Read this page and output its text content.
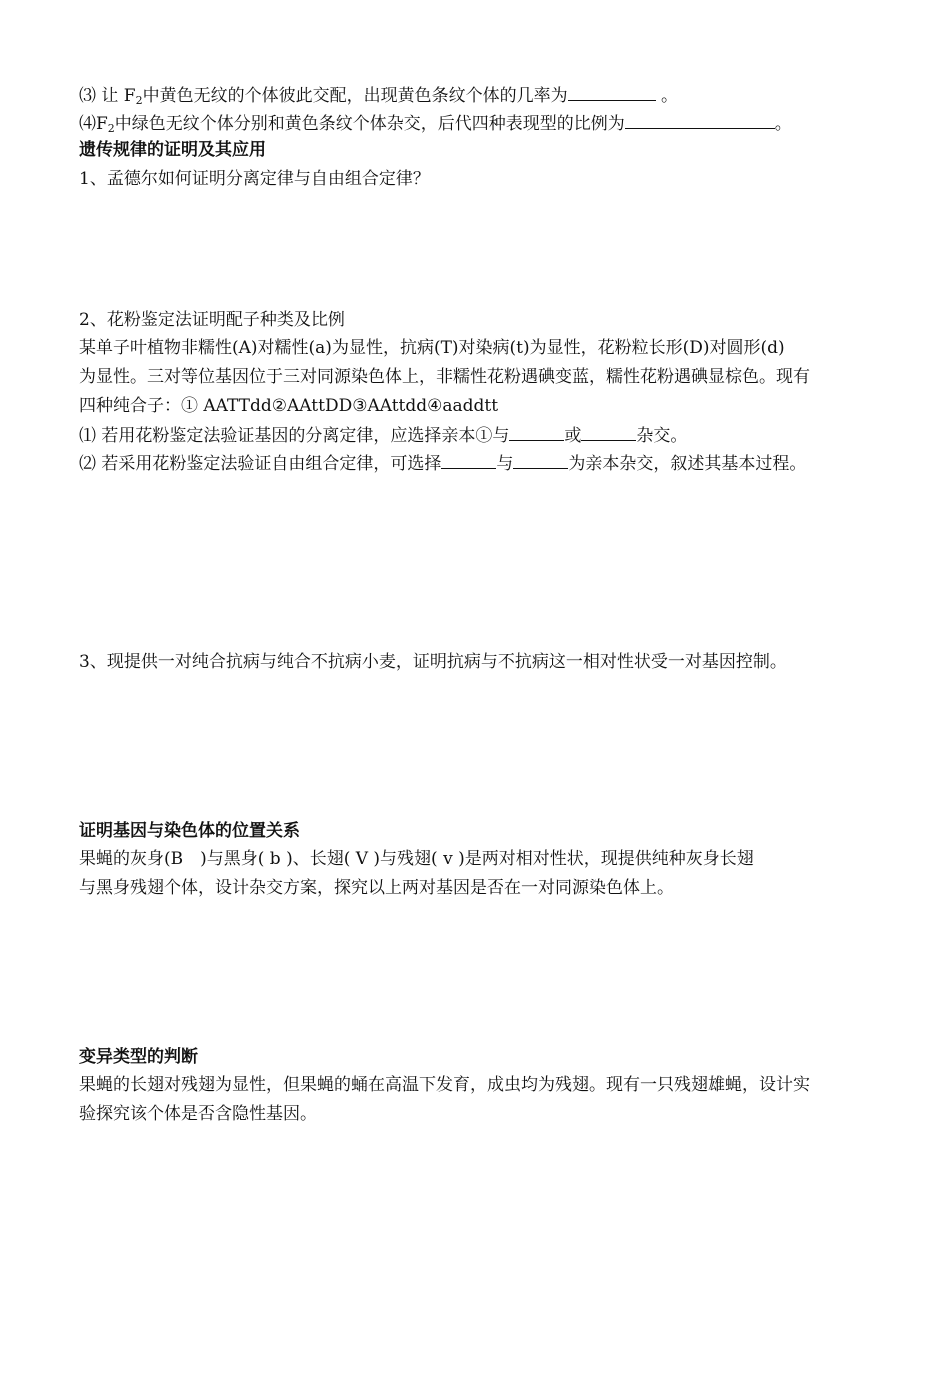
⑶ 让 $F_2$中黄色无纹的个体彼此交配，出现黄色条纹个体的几率为	。
$⑷F_2$中绿色无纹个体分别和黄色条纹个体杂交，后代四种表现型的比例为	。
遗传规律的证明及其应用
1、孟德尔如何证明分离定律与自由组合定律？
2、花粉鉴定法证明配子种类及比例
某单子叶植物非糯性(A)对糯性(a)为显性，抗病(T)对染病(t)为显性，花粉粒长形(D)对圆形(d)
为显性。三对等位基因位于三对同源染色体上，非糯性花粉遇碘变蓝，糯性花粉遇碘显棕色。现有
四种纯合子：① AATTdd②AAttDD③AAttdd④aaddtt
⑴ 若用花粉鉴定法验证基因的分离定律，应选择亲本①与	或	杂交。
⑵ 若采用花粉鉴定法验证自由组合定律，可选择	与	为亲本杂交，叙述其基本过程。
3、现提供一对纯合抗病与纯合不抗病小麦，证明抗病与不抗病这一相对性状受一对基因控制。
证明基因与染色体的位置关系
果蝇的灰身(B　)与黑身( b )、长翅( V )与残翅( v )是两对相对性状，现提供纯种灰身长翅
与黑身残翅个体，设计杂交方案，探究以上两对基因是否在一对同源染色体上。
变异类型的判断
果蝇的长翅对残翅为显性，但果蝇的蛹在高温下发育，成虫均为残翅。现有一只残翅雄蝇，设计实
验探究该个体是否含隐性基因。
